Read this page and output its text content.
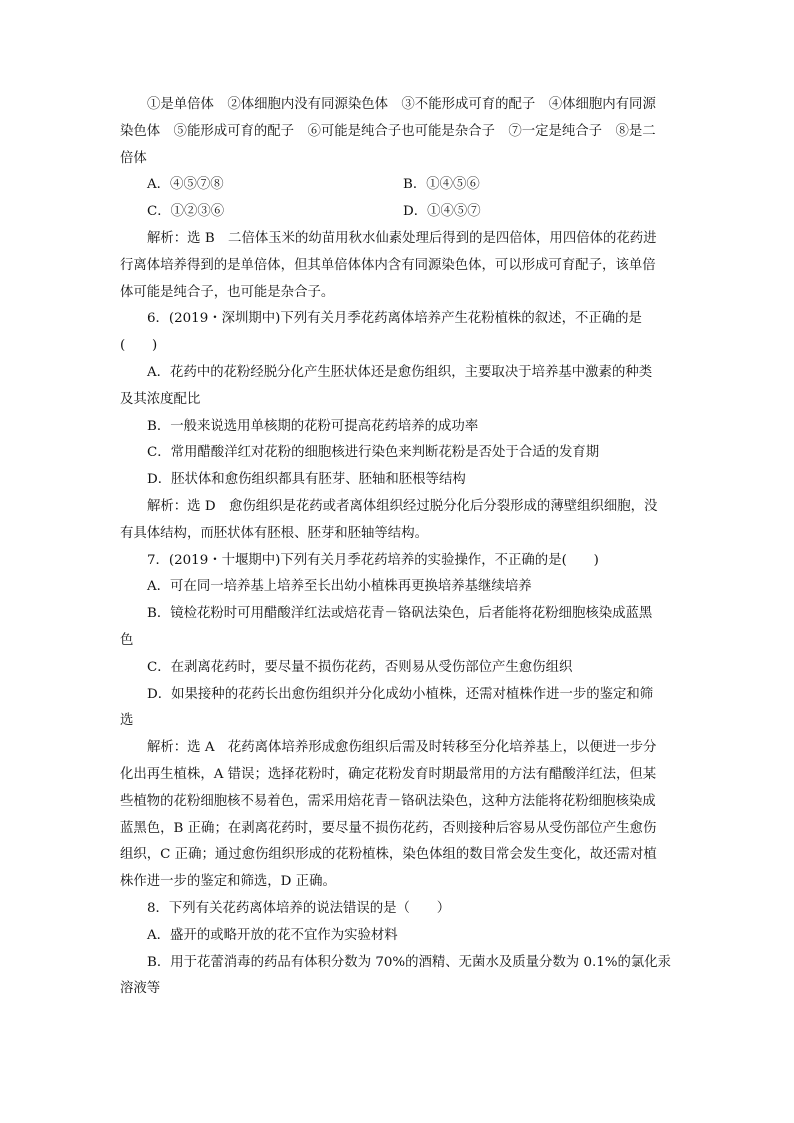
①是单倍体　②体细胞内没有同源染色体　③不能形成可育的配子　④体细胞内有同源
染色体　⑤能形成可育的配子　⑥可能是纯合子也可能是杂合子　⑦一定是纯合子　⑧是二
倍体
A．④⑤⑦⑧	B．①④⑤⑥
C．①②③⑥	D．①④⑤⑦
解析：选 B　二倍体玉米的幼苗用秋水仙素处理后得到的是四倍体，用四倍体的花药进
行离体培养得到的是单倍体，但其单倍体体内含有同源染色体，可以形成可育配子，该单倍
体可能是纯合子，也可能是杂合子。
6．(2019・深圳期中)下列有关月季花药离体培养产生花粉植株的叙述，不正确的是
(　　)
A．花药中的花粉经脱分化产生胚状体还是愈伤组织，主要取决于培养基中激素的种类
及其浓度配比
B．一般来说选用单核期的花粉可提高花药培养的成功率
C．常用醋酸洋红对花粉的细胞核进行染色来判断花粉是否处于合适的发育期
D．胚状体和愈伤组织都具有胚芽、胚轴和胚根等结构
解析：选 D　愈伤组织是花药或者离体组织经过脱分化后分裂形成的薄壁组织细胞，没
有具体结构，而胚状体有胚根、胚芽和胚轴等结构。
7．(2019・十堰期中)下列有关月季花药培养的实验操作，不正确的是(　　)
A．可在同一培养基上培养至长出幼小植株再更换培养基继续培养
B．镜检花粉时可用醋酸洋红法或焙花青－铬矾法染色，后者能将花粉细胞核染成蓝黑
色
C．在剥离花药时，要尽量不损伤花药，否则易从受伤部位产生愈伤组织
D．如果接种的花药长出愈伤组织并分化成幼小植株，还需对植株作进一步的鉴定和筛
选
解析：选 A　花药离体培养形成愈伤组织后需及时转移至分化培养基上，以便进一步分
化出再生植株，A 错误；选择花粉时，确定花粉发育时期最常用的方法有醋酸洋红法，但某
些植物的花粉细胞核不易着色，需采用焙花青－铬矾法染色，这种方法能将花粉细胞核染成
蓝黑色，B 正确；在剥离花药时，要尽量不损伤花药，否则接种后容易从受伤部位产生愈伤
组织，C 正确；通过愈伤组织形成的花粉植株，染色体组的数目常会发生变化，故还需对植
株作进一步的鉴定和筛选，D 正确。
8．下列有关花药离体培养的说法错误的是（　　）
A．盛开的或略开放的花不宜作为实验材料
B．用于花蕾消毒的药品有体积分数为 70%的酒精、无菌水及质量分数为 0.1%的氯化汞
溶液等
